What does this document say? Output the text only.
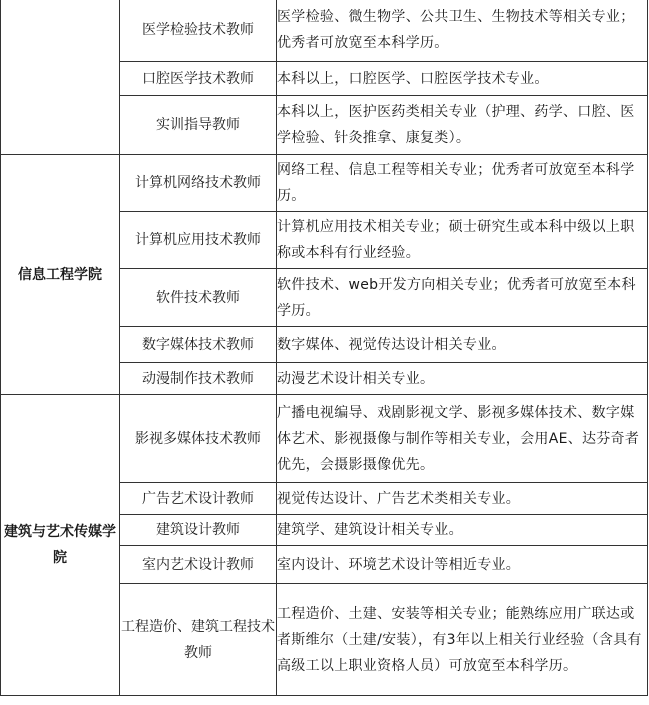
	医学检验技术教师	医学检验、微生物学、公共卫生、生物技术等相关专业；优秀者可放宽至本科学历。
	口腔医学技术教师	本科以上，口腔医学、口腔医学技术专业。
	实训指导教师	本科以上，医护医药类相关专业（护理、药学、口腔、医学检验、针灸推拿、康复类）。
信息工程学院	计算机网络技术教师	网络工程、信息工程等相关专业；优秀者可放宽至本科学历。
	计算机应用技术教师	计算机应用技术相关专业；硕士研究生或本科中级以上职称或本科有行业经验。
	软件技术教师	软件技术、web开发方向相关专业；优秀者可放宽至本科学历。
	数字媒体技术教师	数字媒体、视觉传达设计相关专业。
	动漫制作技术教师	动漫艺术设计相关专业。
建筑与艺术传媒学院	影视多媒体技术教师	广播电视编导、戏剧影视文学、影视多媒体技术、数字媒体艺术、影视摄像与制作等相关专业，会用AE、达芬奇者优先，会摄影摄像优先。
	广告艺术设计教师	视觉传达设计、广告艺术类相关专业。
	建筑设计教师	建筑学、建筑设计相关专业。
	室内艺术设计教师	室内设计、环境艺术设计等相近专业。
	工程造价、建筑工程技术教师	工程造价、土建、安装等相关专业；能熟练应用广联达或者斯维尔（土建/安装），有3年以上相关行业经验（含具有高级工以上职业资格人员）可放宽至本科学历。
